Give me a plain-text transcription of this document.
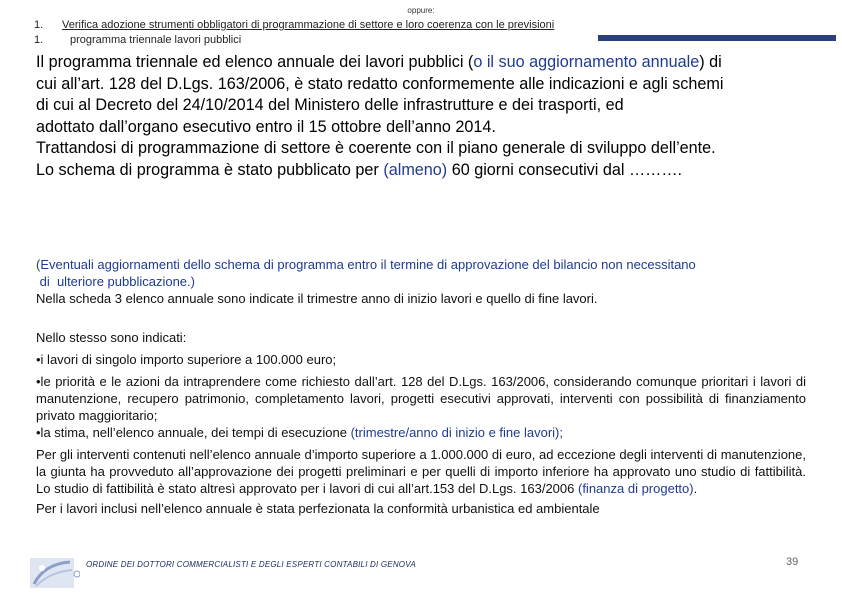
oppure:
1. Verifica adozione strumenti obbligatori di programmazione di settore e loro coerenza con le previsioni
1. programma triennale lavori pubblici

Il programma triennale ed elenco annuale dei lavori pubblici (o il suo aggiornamento annuale) di

cui all’art. 128 del D.Lgs. 163/2006, è stato redatto conformemente alle indicazioni e agli schemi

di cui al Decreto del 24/10/2014 del Ministero delle infrastrutture e dei trasporti, ed

adottato dall’organo esecutivo entro il 15 ottobre dell’anno 2014.

Trattandosi di programmazione di settore è coerente con il piano generale di sviluppo dell’ente.

Lo schema di programma è stato pubblicato per (almeno) 60 giorni consecutivi dal ……….

(Eventuali aggiornamenti dello schema di programma entro il termine di approvazione del bilancio non necessitano

di  ulteriore pubblicazione.)

Nella scheda 3 elenco annuale sono indicate il trimestre anno di inizio lavori e quello di fine lavori.

Nello stesso sono indicati:

•i lavori di singolo importo superiore a 100.000 euro;

•le priorità e le azioni da intraprendere come richiesto dall’art. 128 del D.Lgs. 163/2006, considerando comunque prioritari i lavori di manutenzione, recupero patrimonio, completamento lavori, progetti esecutivi approvati, interventi con possibilità di finanziamento privato maggioritario;

•la stima, nell’elenco annuale, dei tempi di esecuzione (trimestre/anno di inizio e fine lavori);

Per gli interventi contenuti nell’elenco annuale d’importo superiore a 1.000.000 di euro, ad eccezione degli interventi di manutenzione, la giunta ha provveduto all’approvazione dei progetti preliminari e per quelli di importo inferiore ha approvato uno studio di fattibilità. Lo studio di fattibilità è stato altresì approvato per i lavori di cui all’art.153 del D.Lgs. 163/2006 (finanza di progetto).

Per i lavori inclusi nell’elenco annuale è stata perfezionata la conformità urbanistica ed ambientale

ORDINE DEI DOTTORI COMMERCIALISTI E DEGLI ESPERTI CONTABILI DI GENOVA	39
